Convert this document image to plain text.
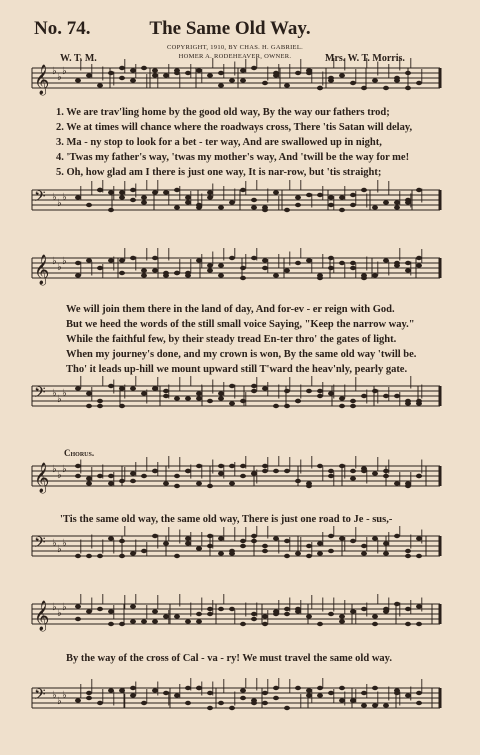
No. 74.	The Same Old Way.
COPYRIGHT, 1910, BY CHAS. H. GABRIEL.
HOMER A. RODEHEAVER, OWNER.
W. T. M.	Mrs. W. T. Morris.
𝄞 ♭
♭
♭
𝄢 ♭
♭
♭
𝄞 ♭
♭
♭
𝄢 ♭
♭
♭
𝄞 ♭
♭
♭
𝄢 ♭
♭
♭
𝄞 ♭
♭
♭
𝄢 ♭
♭
♭
1. We are trav'ling home by the good old way, By the way our fathers trod;
2. We at times will chance where the roadways cross, There 'tis Satan will delay,
3. Ma - ny stop to look for a bet - ter way, And are swallowed up in night,
4. 'Twas my father's way, 'twas my mother's way, And 'twill be the way for me!
5. Oh, how glad am I there is just one way, It is nar-row, but 'tis straight;
We will join them there in the land of day, And for-ev - er reign with God.
But we heed the words of the still small voice Saying, "Keep the narrow way."
While the faithful few, by their steady tread En-ter thro' the gates of light.
When my journey's done, and my crown is won, By the same old way 'twill be.
Tho' it leads up-hill we mount upward still T'ward the heav'nly, pearly gate.
Chorus.
'Tis the same old way, the same old way, There is just one road to Je - sus,-
By the way of the cross of Cal - va - ry! We must travel the same old way.
